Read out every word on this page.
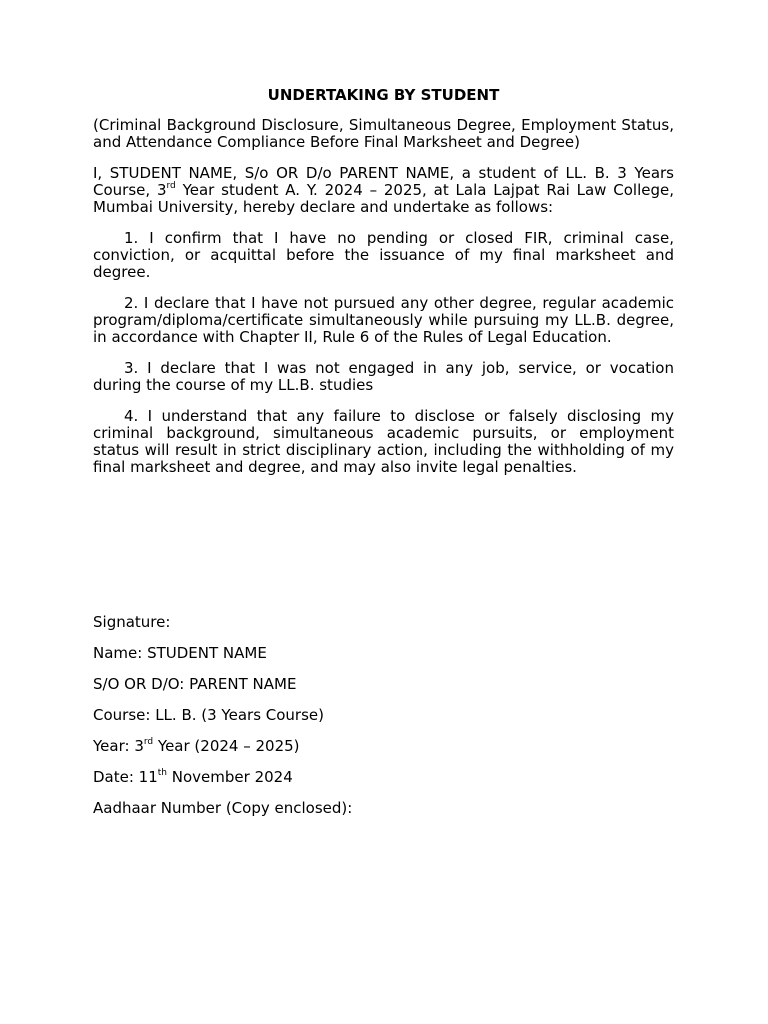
UNDERTAKING BY STUDENT

(Criminal Background Disclosure, Simultaneous Degree, Employment Status, and Attendance Compliance Before Final Marksheet and Degree)

I, STUDENT NAME, S/o OR D/o PARENT NAME, a student of LL. B. 3 Years Course, 3rd Year student A. Y. 2024 – 2025, at Lala Lajpat Rai Law College, Mumbai University, hereby declare and undertake as follows:

1. I confirm that I have no pending or closed FIR, criminal case, conviction, or acquittal before the issuance of my final marksheet and degree.

2. I declare that I have not pursued any other degree, regular academic program/diploma/certificate simultaneously while pursuing my LL.B. degree, in accordance with Chapter II, Rule 6 of the Rules of Legal Education.

3. I declare that I was not engaged in any job, service, or vocation during the course of my LL.B. studies

4. I understand that any failure to disclose or falsely disclosing my criminal background, simultaneous academic pursuits, or employment status will result in strict disciplinary action, including the withholding of my final marksheet and degree, and may also invite legal penalties.

Signature:
Name: STUDENT NAME
S/O OR D/O: PARENT NAME
Course: LL. B. (3 Years Course)
Year: 3rd Year (2024 – 2025)
Date: 11th November 2024
Aadhaar Number (Copy enclosed):
